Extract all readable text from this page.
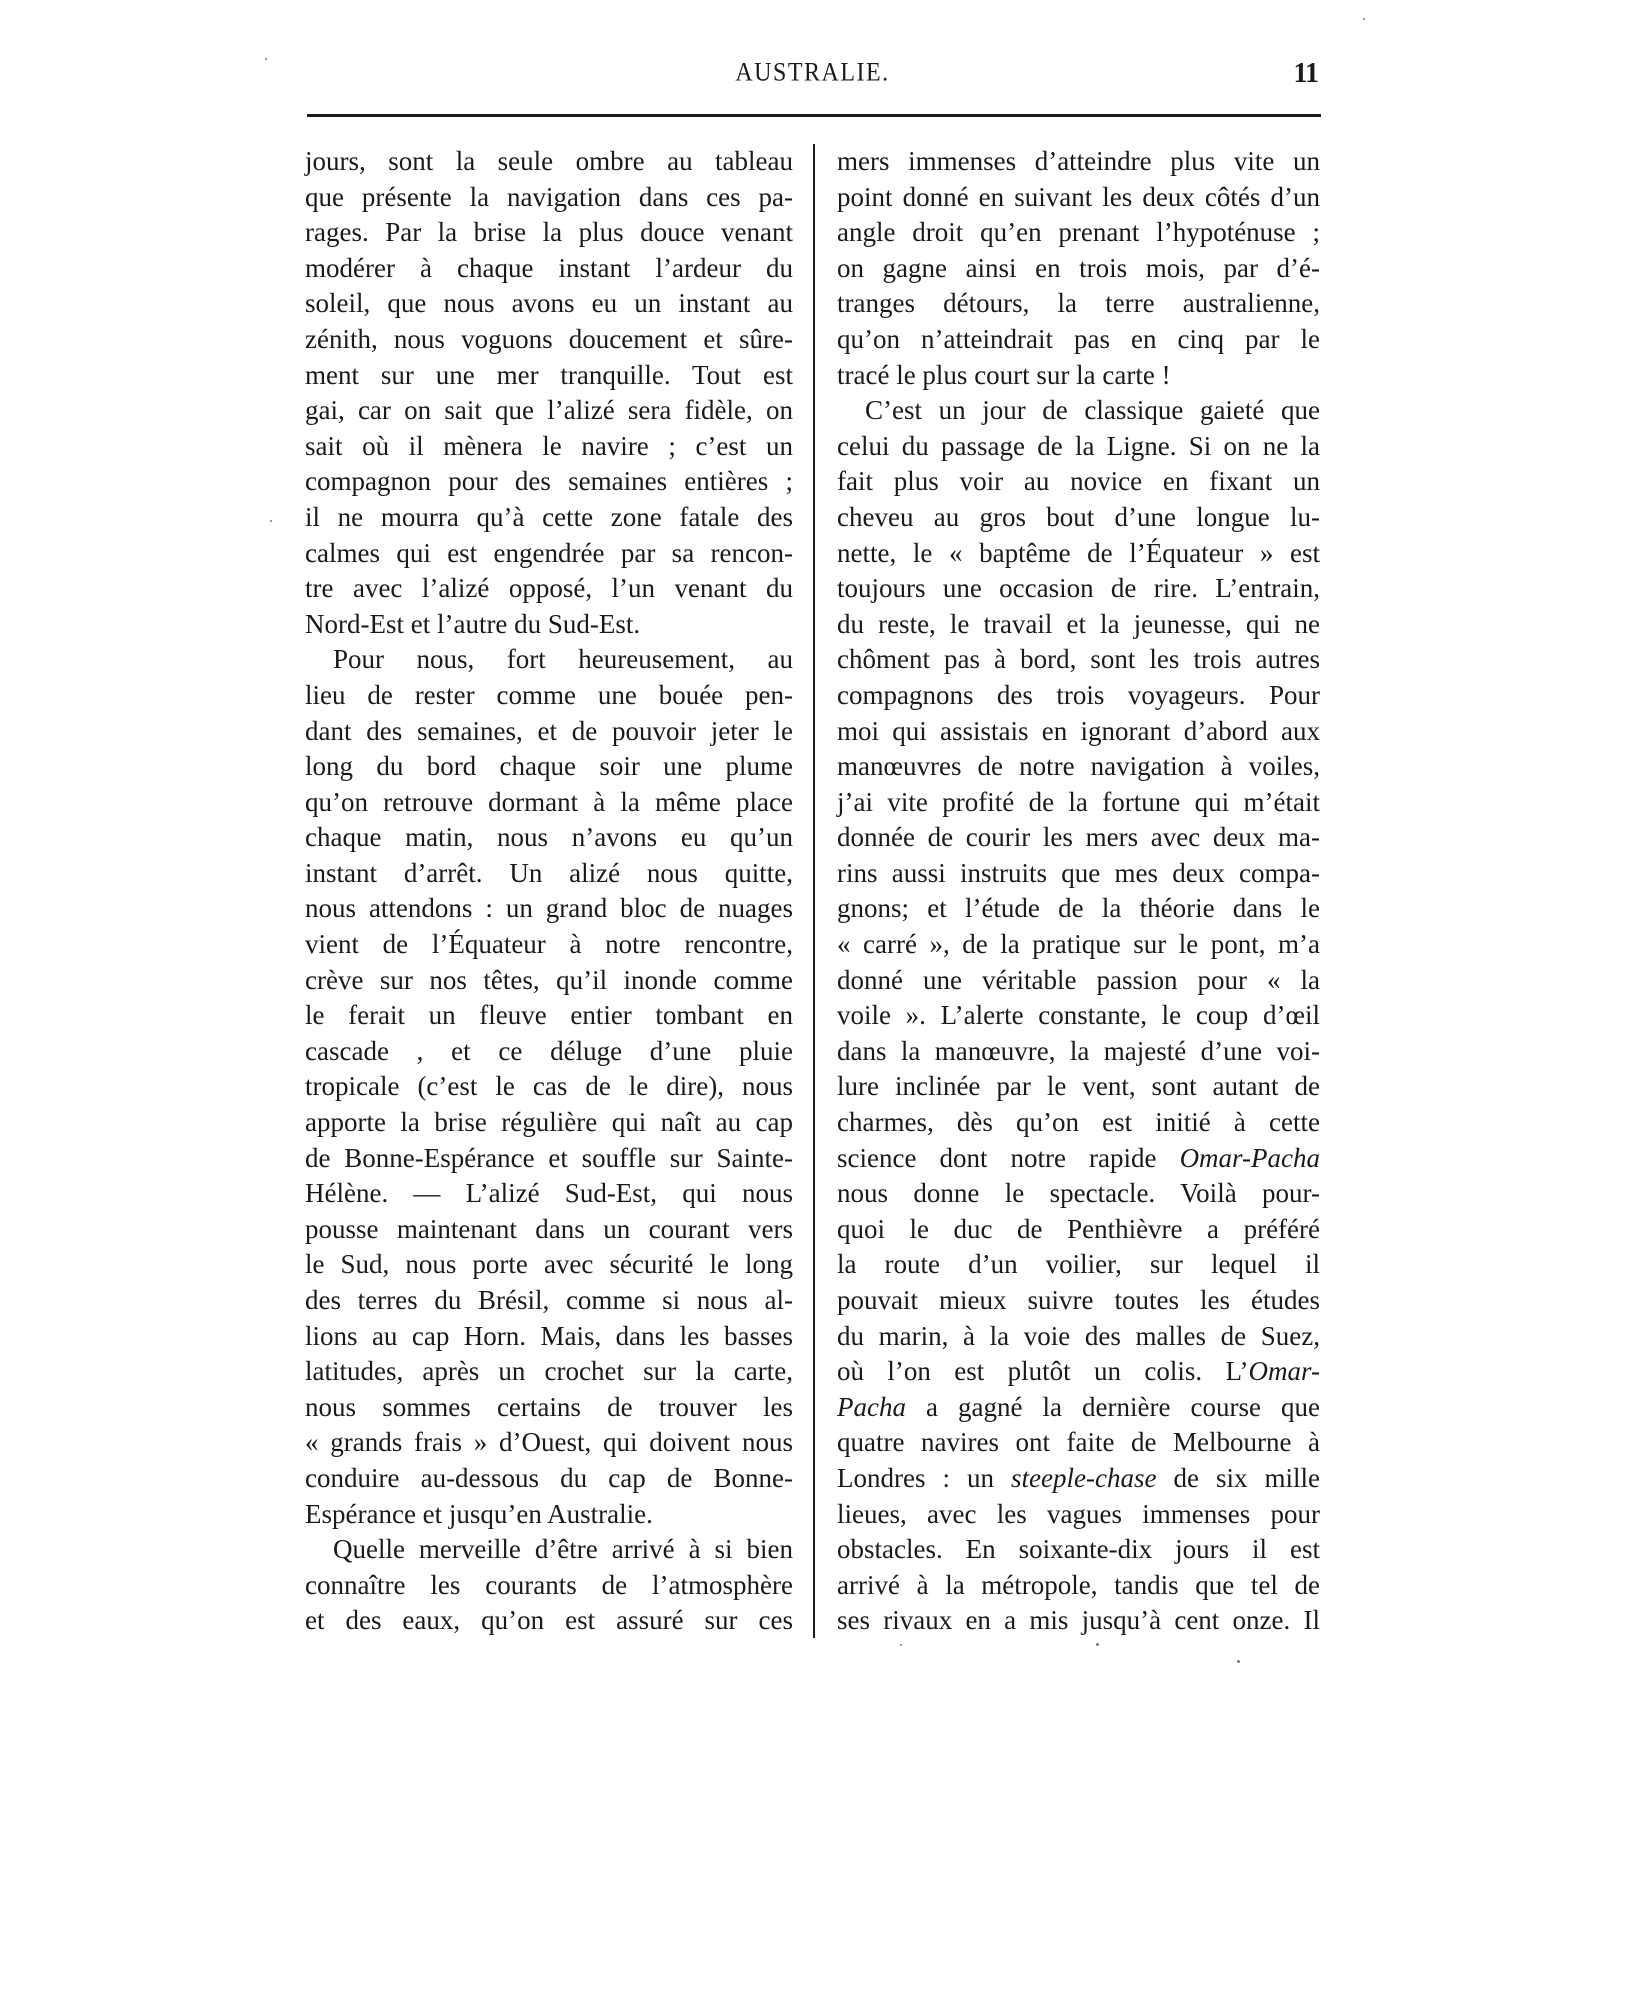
AUSTRALIE.	11
jours, sont la seule ombre au tableau
que présente la navigation dans ces pa-
rages. Par la brise la plus douce venant
modérer à chaque instant l’ardeur du
soleil, que nous avons eu un instant au
zénith, nous voguons doucement et sûre-
ment sur une mer tranquille. Tout est
gai, car on sait que l’alizé sera fidèle, on
sait où il mènera le navire ; c’est un
compagnon pour des semaines entières ;
il ne mourra qu’à cette zone fatale des
calmes qui est engendrée par sa rencon-
tre avec l’alizé opposé, l’un venant du
Nord-Est et l’autre du Sud-Est.
Pour nous, fort heureusement, au
lieu de rester comme une bouée pen-
dant des semaines, et de pouvoir jeter le
long du bord chaque soir une plume
qu’on retrouve dormant à la même place
chaque matin, nous n’avons eu qu’un
instant d’arrêt. Un alizé nous quitte,
nous attendons : un grand bloc de nuages
vient de l’Équateur à notre rencontre,
crève sur nos têtes, qu’il inonde comme
le ferait un fleuve entier tombant en
cascade , et ce déluge d’une pluie
tropicale (c’est le cas de le dire), nous
apporte la brise régulière qui naît au cap
de Bonne-Espérance et souffle sur Sainte-
Hélène. — L’alizé Sud-Est, qui nous
pousse maintenant dans un courant vers
le Sud, nous porte avec sécurité le long
des terres du Brésil, comme si nous al-
lions au cap Horn. Mais, dans les basses
latitudes, après un crochet sur la carte,
nous sommes certains de trouver les
« grands frais » d’Ouest, qui doivent nous
conduire au-dessous du cap de Bonne-
Espérance et jusqu’en Australie.
Quelle merveille d’être arrivé à si bien
connaître les courants de l’atmosphère
et des eaux, qu’on est assuré sur ces
mers immenses d’atteindre plus vite un
point donné en suivant les deux côtés d’un
angle droit qu’en prenant l’hypoténuse ;
on gagne ainsi en trois mois, par d’é-
tranges détours, la terre australienne,
qu’on n’atteindrait pas en cinq par le
tracé le plus court sur la carte !
C’est un jour de classique gaieté que
celui du passage de la Ligne. Si on ne la
fait plus voir au novice en fixant un
cheveu au gros bout d’une longue lu-
nette, le « baptême de l’Équateur » est
toujours une occasion de rire. L’entrain,
du reste, le travail et la jeunesse, qui ne
chôment pas à bord, sont les trois autres
compagnons des trois voyageurs. Pour
moi qui assistais en ignorant d’abord aux
manœuvres de notre navigation à voiles,
j’ai vite profité de la fortune qui m’était
donnée de courir les mers avec deux ma-
rins aussi instruits que mes deux compa-
gnons; et l’étude de la théorie dans le
« carré », de la pratique sur le pont, m’a
donné une véritable passion pour « la
voile ». L’alerte constante, le coup d’œil
dans la manœuvre, la majesté d’une voi-
lure inclinée par le vent, sont autant de
charmes, dès qu’on est initié à cette
science dont notre rapide Omar-Pacha
nous donne le spectacle. Voilà pour-
quoi le duc de Penthièvre a préféré
la route d’un voilier, sur lequel il
pouvait mieux suivre toutes les études
du marin, à la voie des malles de Suez,
où l’on est plutôt un colis. L’Omar-
Pacha a gagné la dernière course que
quatre navires ont faite de Melbourne à
Londres : un steeple-chase de six mille
lieues, avec les vagues immenses pour
obstacles. En soixante-dix jours il est
arrivé à la métropole, tandis que tel de
ses rivaux en a mis jusqu’à cent onze. Il
